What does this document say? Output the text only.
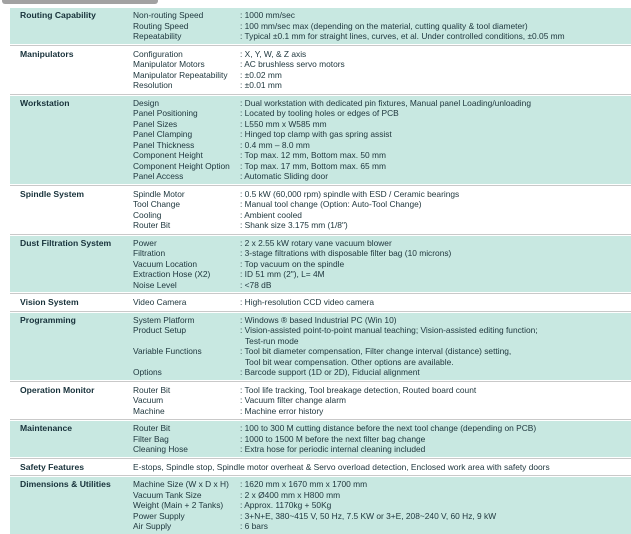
Routing Capability	Non-routing Speed	: 1000 mm/sec
Routing Speed	: 100 mm/sec max (depending on the material, cutting quality & tool diameter)
Repeatability	: Typical ±0.1 mm for straight lines, curves, et al. Under controlled conditions, ±0.05 mm
Manipulators	Configuration	: X, Y, W, & Z axis
Manipulator Motors	: AC brushless servo motors
Manipulator Repeatability	: ±0.02 mm
Resolution	: ±0.01 mm
Workstation	Design	: Dual workstation with dedicated pin fixtures, Manual panel Loading/unloading
Panel Positioning	: Located by tooling holes or edges of PCB
Panel Sizes	: L550 mm x W585 mm
Panel Clamping	: Hinged top clamp with gas spring assist
Panel Thickness	: 0.4 mm – 8.0 mm
Component Height	: Top max. 12 mm, Bottom max. 50 mm
Component Height Option	: Top max. 17 mm, Bottom max. 65 mm
Panel Access	: Automatic Sliding door
Spindle System	Spindle Motor	: 0.5 kW (60,000 rpm) spindle with ESD / Ceramic bearings
Tool Change	: Manual tool change (Option: Auto-Tool Change)
Cooling	: Ambient cooled
Router Bit	: Shank size 3.175 mm (1/8")
Dust Filtration System	Power	: 2 x 2.55 kW rotary vane vacuum blower
Filtration	: 3-stage filtrations with disposable filter bag (10 microns)
Vacuum Location	: Top vacuum on the spindle
Extraction Hose (X2)	: ID 51 mm (2"), L= 4M
Noise Level	: <78 dB
Vision System	Video Camera	: High-resolution CCD video camera
Programming	System Platform	: Windows ® based Industrial PC (Win 10)
Product Setup	: Vision-assisted point-to-point manual teaching; Vision-assisted editing function;
Test-run mode
Variable Functions	: Tool bit diameter compensation, Filter change interval (distance) setting,
Tool bit wear compensation. Other options are available.
Options	: Barcode support (1D or 2D), Fiducial alignment
Operation Monitor	Router Bit	: Tool life tracking, Tool breakage detection, Routed board count
Vacuum	: Vacuum filter change alarm
Machine	: Machine error history
Maintenance	Router Bit	: 100 to 300 M cutting distance before the next tool change (depending on PCB)
Filter Bag	: 1000 to 1500 M before the next filter bag change
Cleaning Hose	: Extra hose for periodic internal cleaning included
Safety Features	E-stops, Spindle stop, Spindle motor overheat & Servo overload detection, Enclosed work area with safety doors
Dimensions & Utilities	Machine Size (W x D x H)	: 1620 mm x 1670 mm x 1700 mm
Vacuum Tank Size	: 2 x Ø400 mm x H800 mm
Weight (Main + 2 Tanks)	: Approx. 1170kg + 50Kg
Power Supply	: 3+N+E, 380~415 V, 50 Hz, 7.5 KW or 3+E, 208~240 V, 60 Hz, 9 kW
Air Supply	: 6 bars
